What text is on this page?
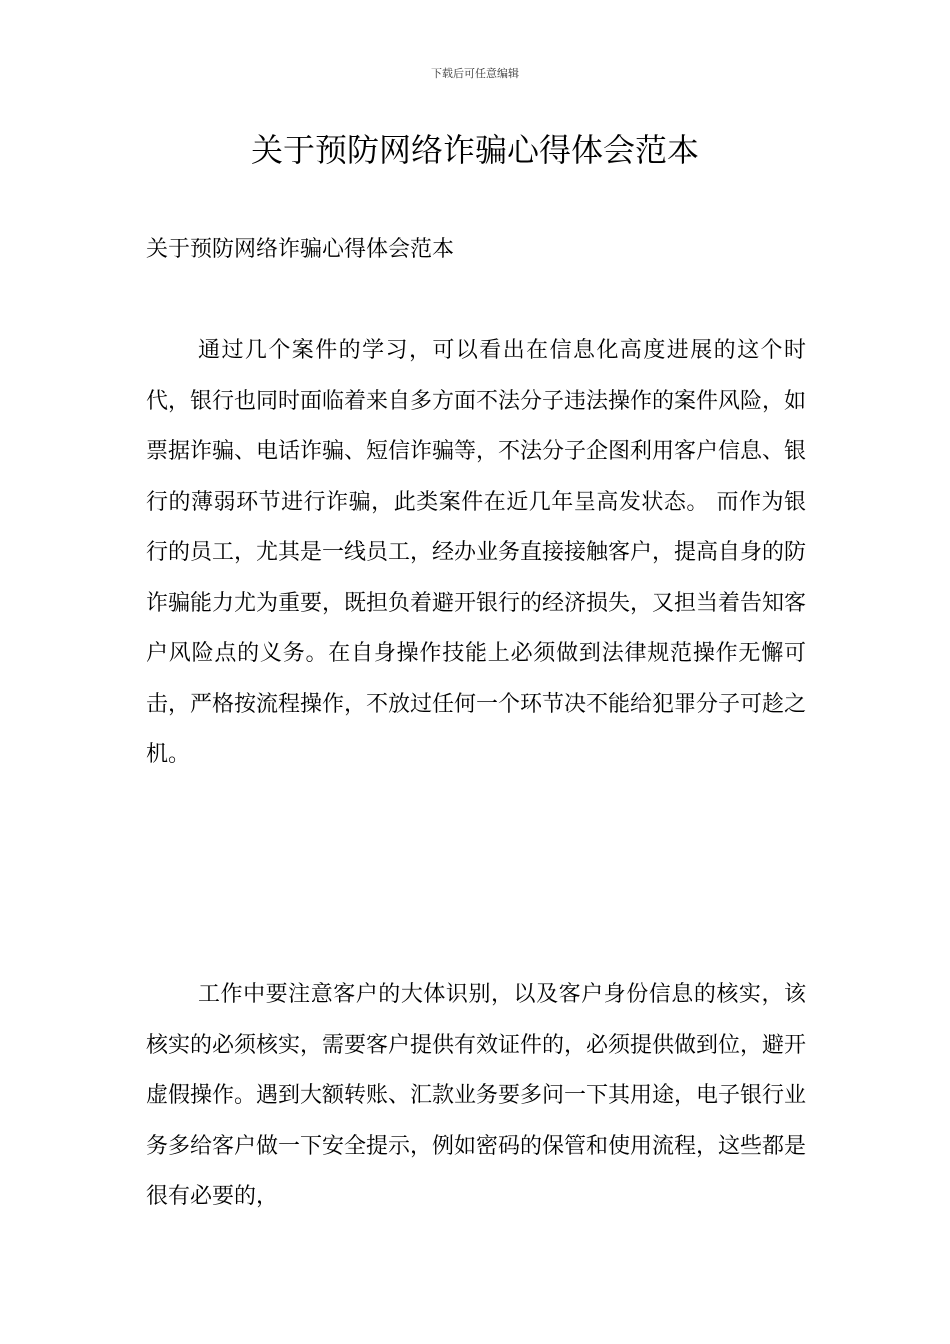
下载后可任意编辑
关于预防网络诈骗心得体会范本
关于预防网络诈骗心得体会范本

通过几个案件的学习，可以看出在信息化高度进展的这个时代，银行也同时面临着来自多方面不法分子违法操作的案件风险，如票据诈骗、电话诈骗、短信诈骗等，不法分子企图利用客户信息、银行的薄弱环节进行诈骗，此类案件在近几年呈高发状态。 而作为银行的员工，尤其是一线员工，经办业务直接接触客户，提高自身的防诈骗能力尤为重要，既担负着避开银行的经济损失，又担当着告知客户风险点的义务。在自身操作技能上必须做到法律规范操作无懈可击，严格按流程操作，不放过任何一个环节决不能给犯罪分子可趁之机。

工作中要注意客户的大体识别，以及客户身份信息的核实，该核实的必须核实，需要客户提供有效证件的，必须提供做到位，避开虚假操作。遇到大额转账、汇款业务要多问一下其用途，电子银行业务多给客户做一下安全提示，例如密码的保管和使用流程，这些都是很有必要的，
